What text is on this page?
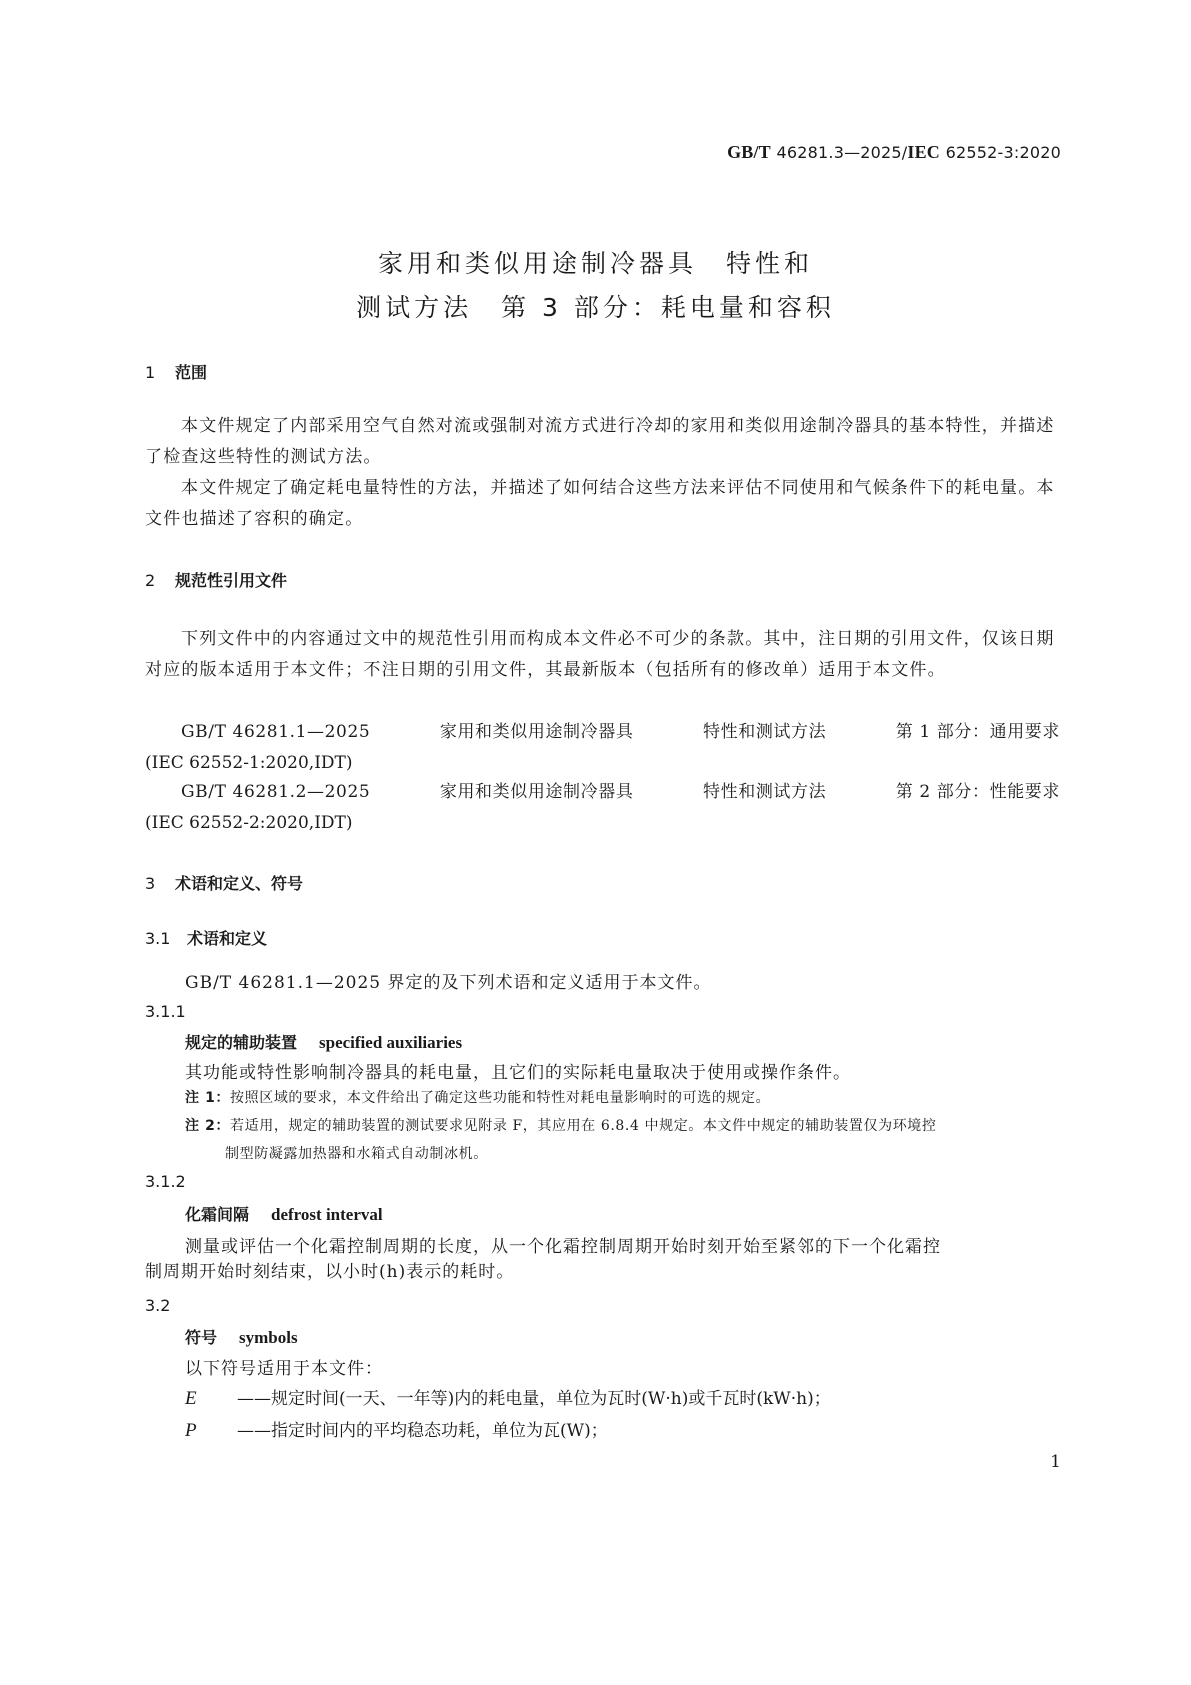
GB/T 46281.3—2025/IEC 62552-3:2020
家用和类似用途制冷器具　特性和
测试方法　第 3 部分：耗电量和容积
1 范围
本文件规定了内部采用空气自然对流或强制对流方式进行冷却的家用和类似用途制冷器具的基本特性，并描述了检查这些特性的测试方法。
本文件规定了确定耗电量特性的方法，并描述了如何结合这些方法来评估不同使用和气候条件下的耗电量。本文件也描述了容积的确定。
2 规范性引用文件
下列文件中的内容通过文中的规范性引用而构成本文件必不可少的条款。其中，注日期的引用文件，仅该日期对应的版本适用于本文件；不注日期的引用文件，其最新版本（包括所有的修改单）适用于本文件。
GB/T 46281.1—2025	家用和类似用途制冷器具	特性和测试方法	第 1 部分：通用要求
(IEC 62552-1:2020,IDT)
GB/T 46281.2—2025	家用和类似用途制冷器具	特性和测试方法	第 2 部分：性能要求
(IEC 62552-2:2020,IDT)
3 术语和定义、符号
3.1 术语和定义
GB/T 46281.1—2025 界定的及下列术语和定义适用于本文件。
3.1.1
规定的辅助装置 specified auxiliaries
其功能或特性影响制冷器具的耗电量，且它们的实际耗电量取决于使用或操作条件。
注 1：按照区域的要求，本文件给出了确定这些功能和特性对耗电量影响时的可选的规定。
注 2：若适用，规定的辅助装置的测试要求见附录 F，其应用在 6.8.4 中规定。本文件中规定的辅助装置仅为环境控
制型防凝露加热器和水箱式自动制冰机。
3.1.2
化霜间隔 defrost interval
测量或评估一个化霜控制周期的长度，从一个化霜控制周期开始时刻开始至紧邻的下一个化霜控
制周期开始时刻结束，以小时(h)表示的耗时。
3.2
符号 symbols
以下符号适用于本文件：
E ——规定时间(一天、一年等)内的耗电量，单位为瓦时(W·h)或千瓦时(kW·h)；
P ——指定时间内的平均稳态功耗，单位为瓦(W)；
1
